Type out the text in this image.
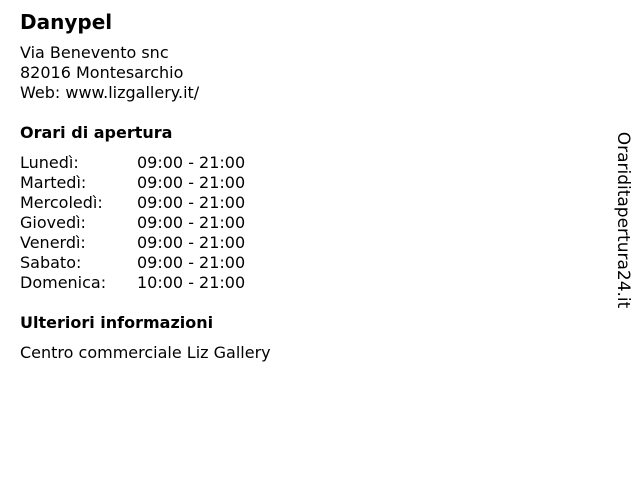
Danypel
Via Benevento snc
82016 Montesarchio
Web: www.lizgallery.it/
Orari di apertura
Lunedì:	09:00 - 21:00
Martedì:	09:00 - 21:00
Mercoledì: 09:00 - 21:00
Giovedì:	09:00 - 21:00
Venerdì:	09:00 - 21:00
Sabato:	09:00 - 21:00
Domenica: 10:00 - 21:00
Ulteriori informazioni
Centro commerciale Liz Gallery
Orariditapertura24.it
